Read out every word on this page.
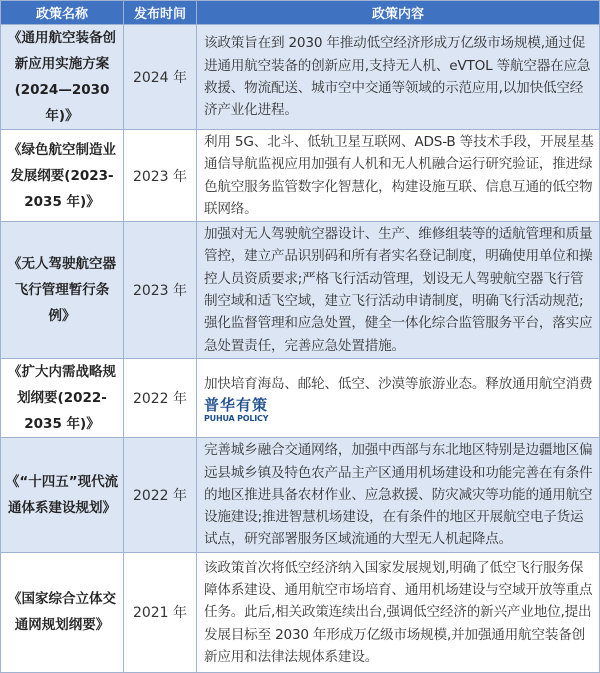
政策名称	发布时间	政策内容
《通用航空装备创新应用实施方案(2024—2030年)》	2024 年	该政策旨在到 2030 年推动低空经济形成万亿级市场规模,通过促进通用航空装备的创新应用,支持无人机、eVTOL 等航空器在应急救援、物流配送、城市空中交通等领域的示范应用,以加快低空经济产业化进程。
《绿色航空制造业发展纲要(2023-2035 年)》	2023 年	利用 5G、北斗、低轨卫星互联网、ADS-B 等技术手段，开展星基通信导航监视应用加强有人机和无人机融合运行研究验证，推进绿色航空服务监管数字化智慧化，构建设施互联、信息互通的低空物联网络。
《无人驾驶航空器飞行管理暂行条例》	2023 年	加强对无人驾驶航空器设计、生产、维修组装等的适航管理和质量管控，建立产品识别码和所有者实名登记制度，明确使用单位和操控人员资质要求;严格飞行活动管理，划设无人驾驶航空器飞行管制空域和适飞空域，建立飞行活动申请制度，明确飞行活动规范;强化监督管理和应急处置，健全一体化综合监管服务平台，落实应急处置责任，完善应急处置措施。
《扩大内需战略规划纲要(2022-2035 年)》	2022 年	加快培育海岛、邮轮、低空、沙漠等旅游业态。释放通用航空消费
普华有策
PUHUA POLICY

《“十四五”现代流通体系建设规划》	2022 年	完善城乡融合交通网络，加强中西部与东北地区特别是边疆地区偏远县城乡镇及特色农产品主产区通用机场建设和功能完善在有条件的地区推进具备农材作业、应急救援、防灾减灾等功能的通用航空设施建设;推进智慧机场建设，在有条件的地区开展航空电子货运试点，研究部署服务区域流通的大型无人机起降点。
《国家综合立体交通网规划纲要》	2021 年	该政策首次将低空经济纳入国家发展规划,明确了低空飞行服务保障体系建设、通用航空市场培育、通用机场建设与空域开放等重点任务。此后,相关政策连续出台,强调低空经济的新兴产业地位,提出发展目标至 2030 年形成万亿级市场规模,并加强通用航空装备创新应用和法律法规体系建设。
